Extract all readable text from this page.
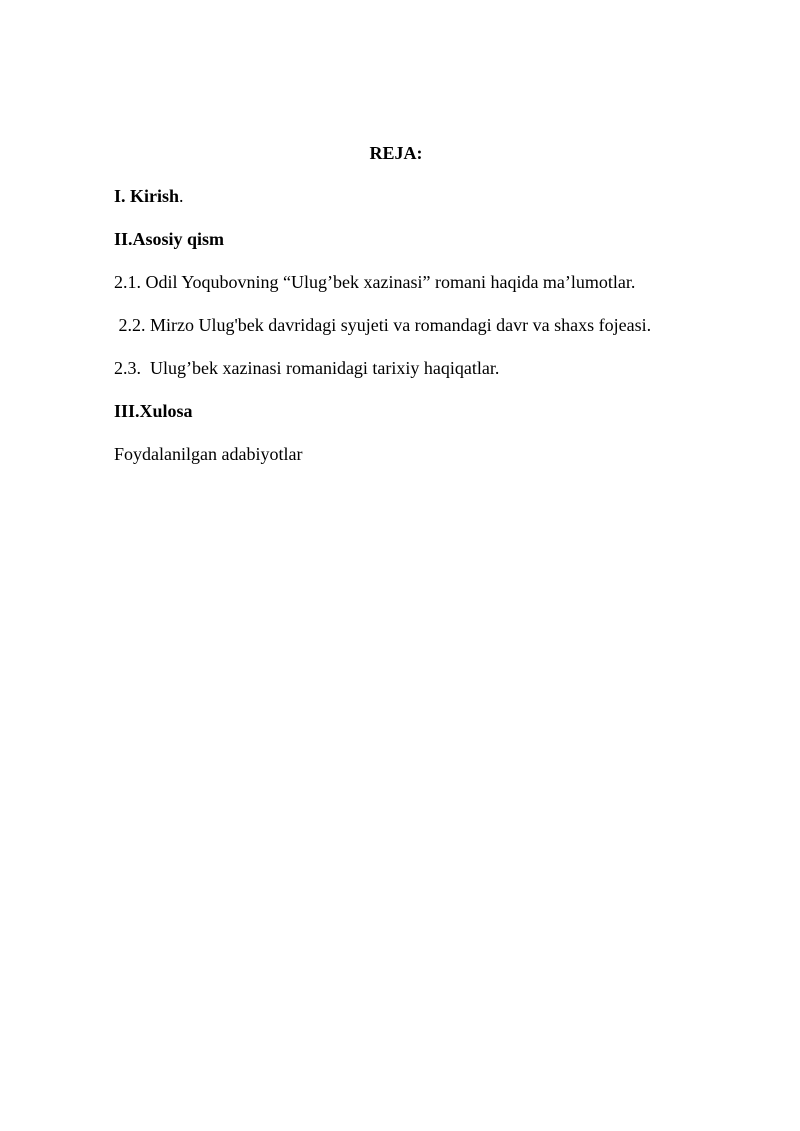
REJA:
I. Kirish.
II.Asosiy qism
2.1. Odil Yoqubovning “Ulug’bek xazinasi” romani haqida ma’lumotlar.
2.2. Mirzo Ulug'bek davridagi syujeti va romandagi davr va shaxs fojeasi.
2.3.  Ulug’bek xazinasi romanidagi tarixiy haqiqatlar.
III.Xulosa
Foydalanilgan adabiyotlar
